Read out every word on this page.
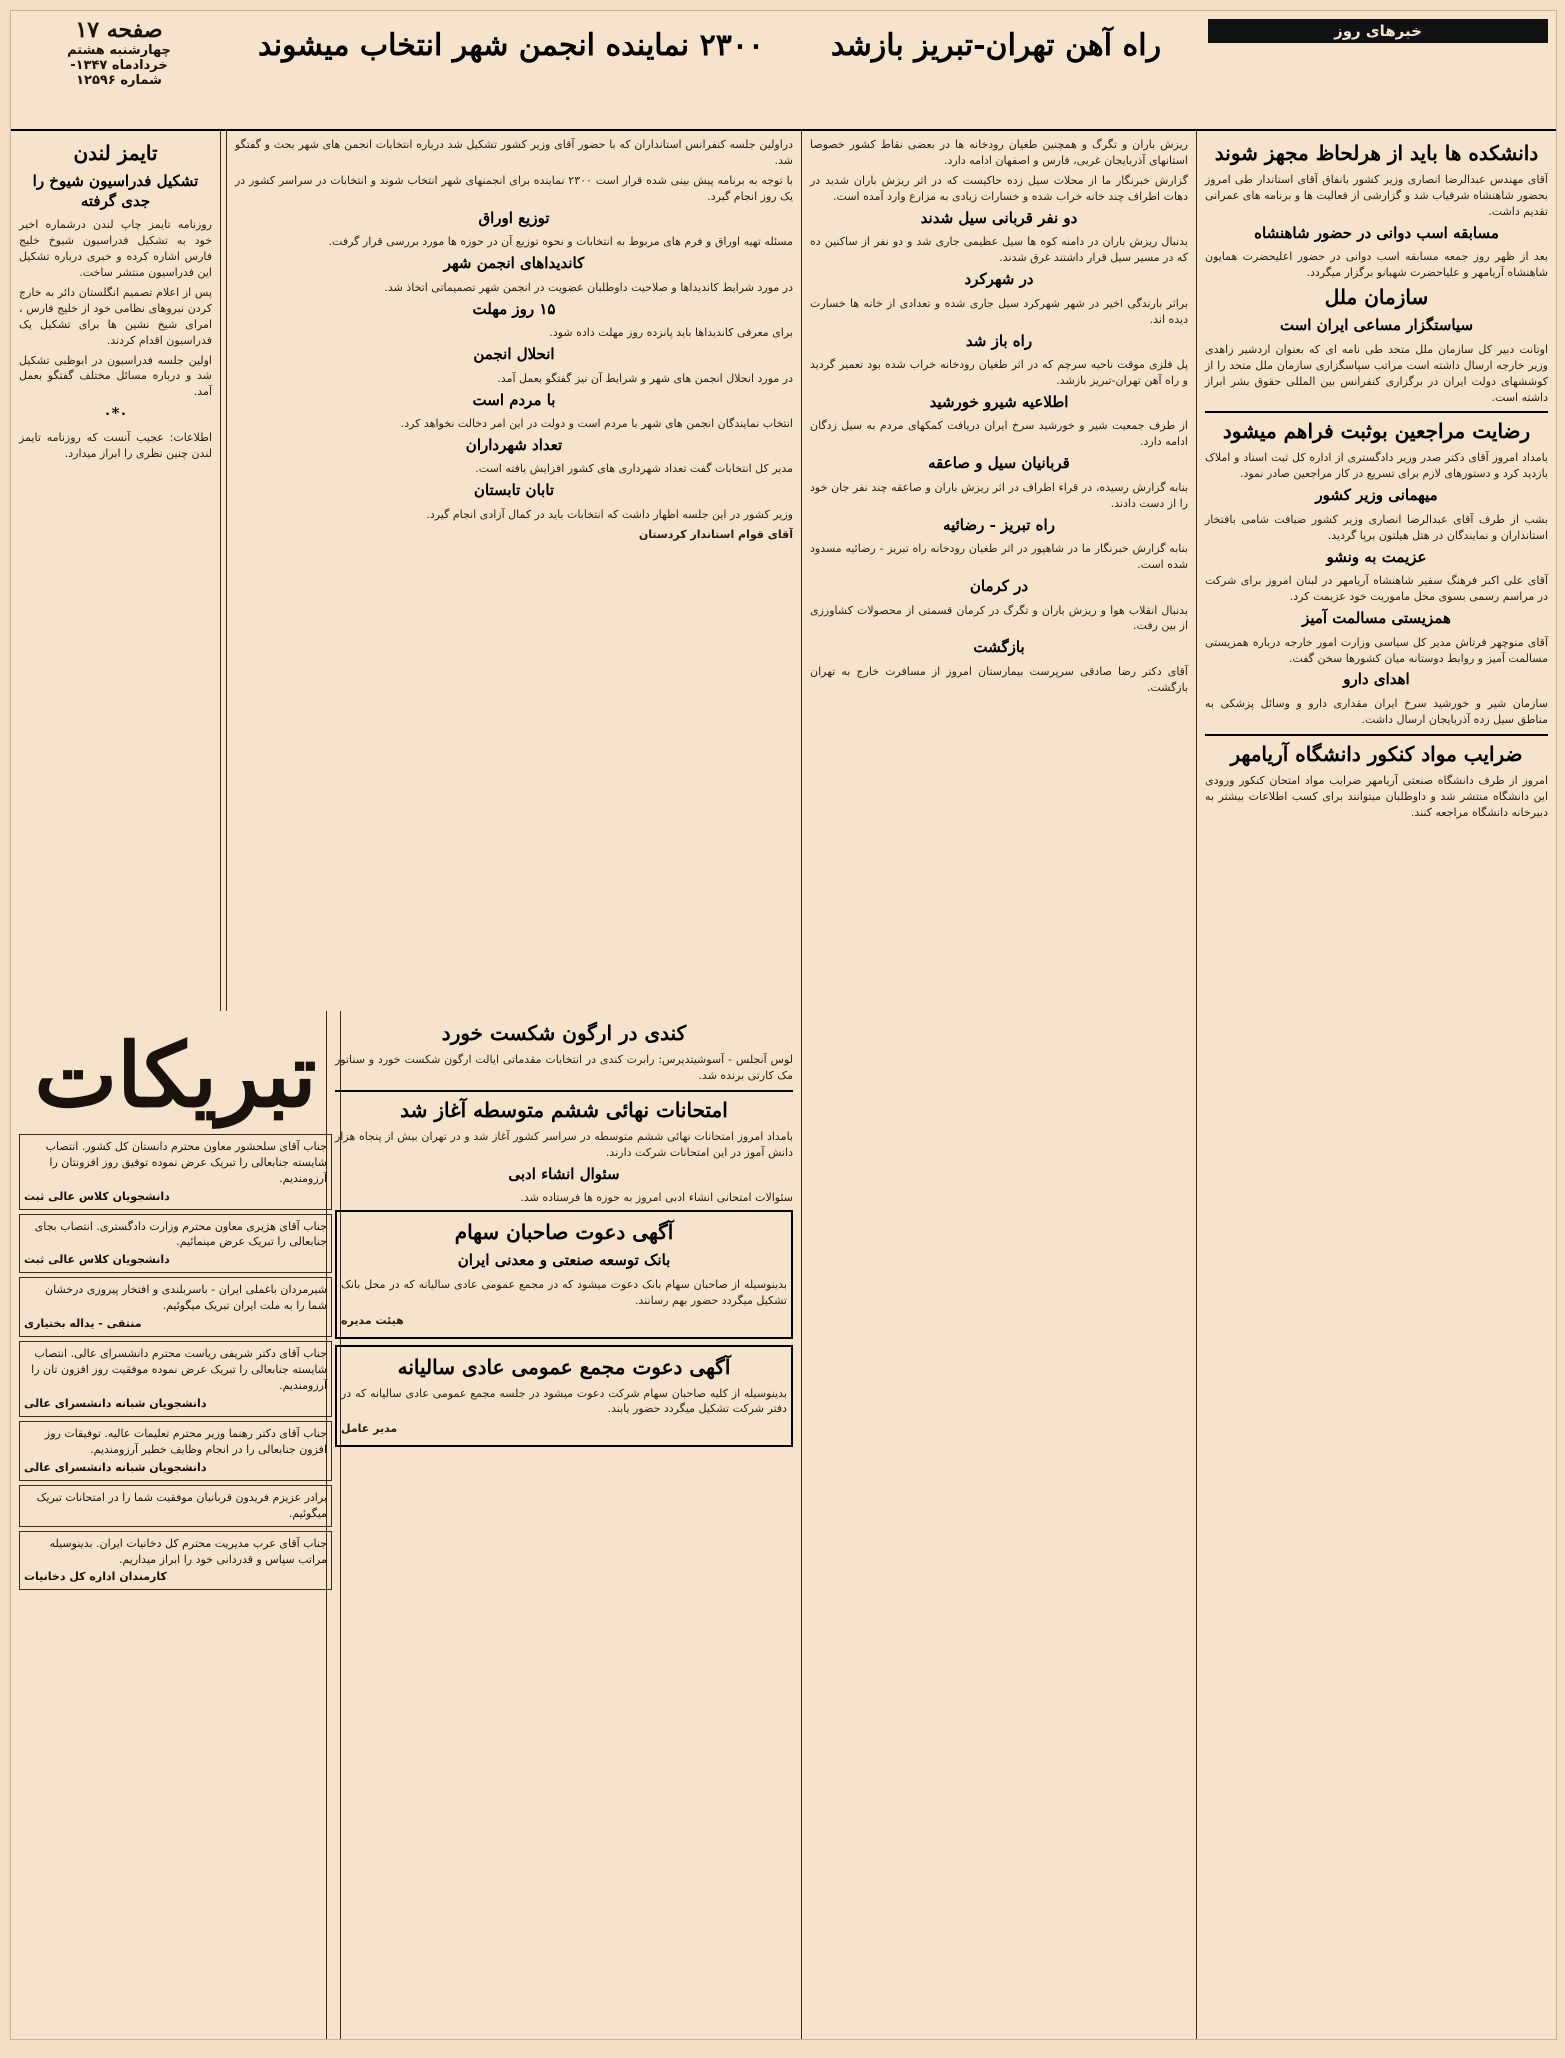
صفحه ۱۷
چهارشنبه هشتم
خردادماه ۱۳۴۷-
شماره ۱۲۵۹۶
۲۳۰۰ نماینده انجمن شهر انتخاب میشوند	راه آهن تهران-تبریز بازشد	خبرهای روز
دانشکده ها باید از هرلحاظ مجهز شوند

آقای مهندس عبدالرضا انصاری وزیر کشور بانفاق آقای استاندار طی امروز بحضور شاهنشاه شرفیاب شد و گزارشی از فعالیت ها و برنامه های عمرانی تقدیم داشت.

مسابقه اسب دوانی در حضور شاهنشاه

بعد از ظهر روز جمعه مسابقه اسب دوانی در حضور اعلیحضرت همایون شاهنشاه آریامهر و علیاحضرت شهبانو برگزار میگردد.

سازمان ملل
سیاستگزار مساعی ایران است

اوتانت دبیر کل سازمان ملل متحد طی نامه ای که بعنوان اردشیر زاهدی وزیر خارجه ارسال داشته است مراتب سپاسگزاری سازمان ملل متحد را از کوششهای دولت ایران در برگزاری کنفرانس بین المللی حقوق بشر ابراز داشته است.

رضایت مراجعین بوثبت فراهم میشود

بامداد امروز آقای دکتر صدر وزیر دادگستری از اداره کل ثبت اسناد و املاک بازدید کرد و دستورهای لازم برای تسریع در کار مراجعین صادر نمود.

میهمانی وزیر کشور

بشب از طرف آقای عبدالرضا انصاری وزیر کشور ضیافت شامی بافتخار استانداران و نمایندگان در هتل هیلتون برپا گردید.

عزیمت به ونشو

آقای علی اکبر فرهنگ سفیر شاهنشاه آریامهر در لبنان امروز برای شرکت در مراسم رسمی بسوی محل ماموریت خود عزیمت کرد.

همزیستی مسالمت آمیز

آقای منوچهر فرتاش مدیر کل سیاسی وزارت امور خارجه درباره همزیستی مسالمت آمیز و روابط دوستانه میان کشورها سخن گفت.

اهدای دارو

سازمان شیر و خورشید سرخ ایران مقداری دارو و وسائل پزشکی به مناطق سیل زده آذربایجان ارسال داشت.

ضرایب مواد کنکور دانشگاه آریامهر

امروز از طرف دانشگاه صنعتی آریامهر ضرایب مواد امتحان کنکور ورودی این دانشگاه منتشر شد و داوطلبان میتوانند برای کسب اطلاعات بیشتر به دبیرخانه دانشگاه مراجعه کنند.

ریزش باران و تگرگ و همچنین طغیان رودخانه ها در بعضی نقاط کشور خصوصا استانهای آذربایجان غربی، فارس و اصفهان ادامه دارد.

گزارش خبرنگار ما از محلات سیل زده حاکیست که در اثر ریزش باران شدید در دهات اطراف چند خانه خراب شده و خسارات زیادی به مزارع وارد آمده است.

دو نفر قربانی سیل شدند

بدنبال ریزش باران در دامنه کوه ها سیل عظیمی جاری شد و دو نفر از ساکنین ده که در مسیر سیل قرار داشتند غرق شدند.

در شهرکرد

براثر بارندگی اخیر در شهر شهرکرد سیل جاری شده و تعدادی از خانه ها خسارت دیده اند.

راه باز شد

پل فلزی موقت ناحیه سرچم که در اثر طغیان رودخانه خراب شده بود تعمیر گردید و راه آهن تهران-تبریز بازشد.

اطلاعیه شیرو خورشید

از طرف جمعیت شیر و خورشید سرخ ایران دریافت کمکهای مردم به سیل زدگان ادامه دارد.

قربانیان سیل و صاعقه

بنابه گزارش رسیده، در قراء اطراف در اثر ریزش باران و صاعقه چند نفر جان خود را از دست دادند.

راه تبریز - رضائیه

بنابه گزارش خبرنگار ما در شاهپور در اثر طغیان رودخانه راه تبریز - رضائیه مسدود شده است.

در کرمان

بدنبال انقلاب هوا و ریزش باران و تگرگ در کرمان قسمتی از محصولات کشاورزی از بین رفت.

بازگشت

آقای دکتر رضا صادقی سرپرست بیمارستان امروز از مسافرت خارج به تهران بازگشت.

دراولین جلسه کنفرانس استانداران که با حضور آقای وزیر کشور تشکیل شد درباره انتخابات انجمن های شهر بحث و گفتگو شد.

با توجه به برنامه پیش بینی شده قرار است ۲۳۰۰ نماینده برای انجمنهای شهر انتخاب شوند و انتخابات در سراسر کشور در یک روز انجام گیرد.

توزیع اوراق

مسئله تهیه اوراق و فرم های مربوط به انتخابات و نحوه توزیع آن در حوزه ها مورد بررسی قرار گرفت.

کاندیداهای انجمن شهر

در مورد شرایط کاندیداها و صلاحیت داوطلبان عضویت در انجمن شهر تصمیماتی اتخاذ شد.

۱۵ روز مهلت

برای معرفی کاندیداها باید پانزده روز مهلت داده شود.

انحلال انجمن

در مورد انحلال انجمن های شهر و شرایط آن نیز گفتگو بعمل آمد.

با مردم است

انتخاب نمایندگان انجمن های شهر با مردم است و دولت در این امر دخالت نخواهد کرد.

تعداد شهرداران

مدیر کل انتخابات گفت تعداد شهرداری های کشور افزایش یافته است.

تابان تابستان

وزیر کشور در این جلسه اظهار داشت که انتخابات باید در کمال آزادی انجام گیرد.

آقای قوام استاندار کردستان

تایمز لندن
تشکیل فدراسیون شیوخ را جدی گرفته

روزنامه تایمز چاپ لندن درشماره اخیر خود به تشکیل فدراسیون شیوخ خلیج فارس اشاره کرده و خبری درباره تشکیل این فدراسیون منتشر ساخت.

پس از اعلام تصمیم انگلستان دائر به خارج کردن نیروهای نظامی خود از خلیج فارس ، امرای شیخ نشین ها برای تشکیل یک فدراسیون اقدام کردند.

اولین جلسه فدراسیون در ابوظبی تشکیل شد و درباره مسائل مختلف گفتگو بعمل آمد.

۰*۰

اطلاعات: عجیب آنست که روزنامه تایمز لندن چنین نظری را ابراز میدارد.

کندی در ارگون شکست خورد

لوس آنجلس - آسوشیتدپرس: رابرت کندی در انتخابات مقدماتی ایالت ارگون شکست خورد و سناتور مک کارتی برنده شد.

امتحانات نهائی ششم متوسطه آغاز شد

بامداد امروز امتحانات نهائی ششم متوسطه در سراسر کشور آغاز شد و در تهران بیش از پنجاه هزار دانش آموز در این امتحانات شرکت دارند.

سئوال انشاء ادبی

سئوالات امتحانی انشاء ادبی امروز به حوزه ها فرستاده شد.

آگهی دعوت صاحبان سهام
بانک توسعه صنعتی و معدنی ایران

بدینوسیله از صاحبان سهام بانک دعوت میشود که در مجمع عمومی عادی سالیانه که در محل بانک تشکیل میگردد حضور بهم رسانند.

هیئت مدیره

آگهی دعوت مجمع عمومی عادی سالیانه

بدینوسیله از کلیه صاحبان سهام شرکت دعوت میشود در جلسه مجمع عمومی عادی سالیانه که در دفتر شرکت تشکیل میگردد حضور یابند.

مدیر عامل

تبریکات
جناب آقای سلحشور معاون محترم دانستان کل کشور. انتصاب شایسته جنابعالی را تبریک عرض نموده توفیق روز افزونتان را آرزومندیم.
دانشجویان کلاس عالی ثبت
جناب آقای هژیری معاون محترم وزارت دادگستری. انتصاب بجای جنابعالی را تبریک عرض مینمائیم.
دانشجویان کلاس عالی ثبت
شیرمردان باغملی ایران - باسربلندی و افتخار پیروزی درخشان شما را به ملت ایران تبریک میگوئیم.
منتقی - یداله بختیاری
جناب آقای دکتر شریفی ریاست محترم دانشسرای عالی. انتصاب شایسته جنابعالی را تبریک عرض نموده موفقیت روز افزون تان را آرزومندیم.
دانشجویان شبانه دانشسرای عالی
جناب آقای دکتر رهنما وزیر محترم تعلیمات عالیه. توفیقات روز افزون جنابعالی را در انجام وظایف خطیر آرزومندیم.
دانشجویان شبانه دانشسرای عالی
برادر عزیزم فریدون قربانیان موفقیت شما را در امتحانات تبریک میگوئیم.
جناب آقای عرب مدیریت محترم کل دخانیات ایران. بدینوسیله مراتب سپاس و قدردانی خود را ابراز میداریم.
کارمندان اداره کل دخانیات
